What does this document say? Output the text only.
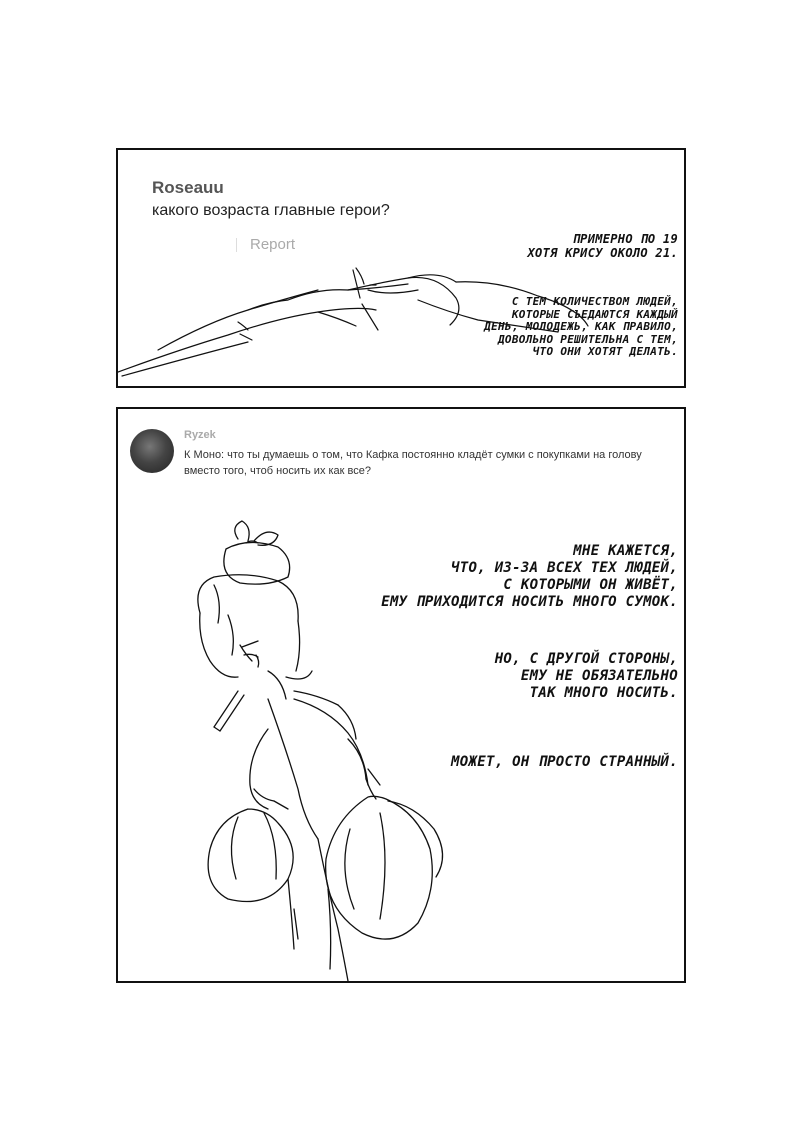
Roseauu
какого возраста главные герои?
Report	ПРИМЕРНО ПО 19
ХОТЯ КРИСУ ОКОЛО 21.
С ТЕМ КОЛИЧЕСТВОМ ЛЮДЕЙ,
КОТОРЫЕ СЪЕДАЮТСЯ КАЖДЫЙ
ДЕНЬ, МОЛОДЕЖЬ, КАК ПРАВИЛО,
ДОВОЛЬНО РЕШИТЕЛЬНА С ТЕМ,
ЧТО ОНИ ХОТЯТ ДЕЛАТЬ.
Ryzek
К Моно: что ты думаешь о том, что Кафка постоянно кладёт сумки с покупками на голову вместо того, чтоб носить их как все?
МНЕ КАЖЕТСЯ,
ЧТО, ИЗ-ЗА ВСЕХ ТЕХ ЛЮДЕЙ,
С КОТОРЫМИ ОН ЖИВЁТ,
ЕМУ ПРИХОДИТСЯ НОСИТЬ МНОГО СУМОК.
НО, С ДРУГОЙ СТОРОНЫ,
ЕМУ НЕ ОБЯЗАТЕЛЬНО
ТАК МНОГО НОСИТЬ.
МОЖЕТ, ОН ПРОСТО СТРАННЫЙ.
